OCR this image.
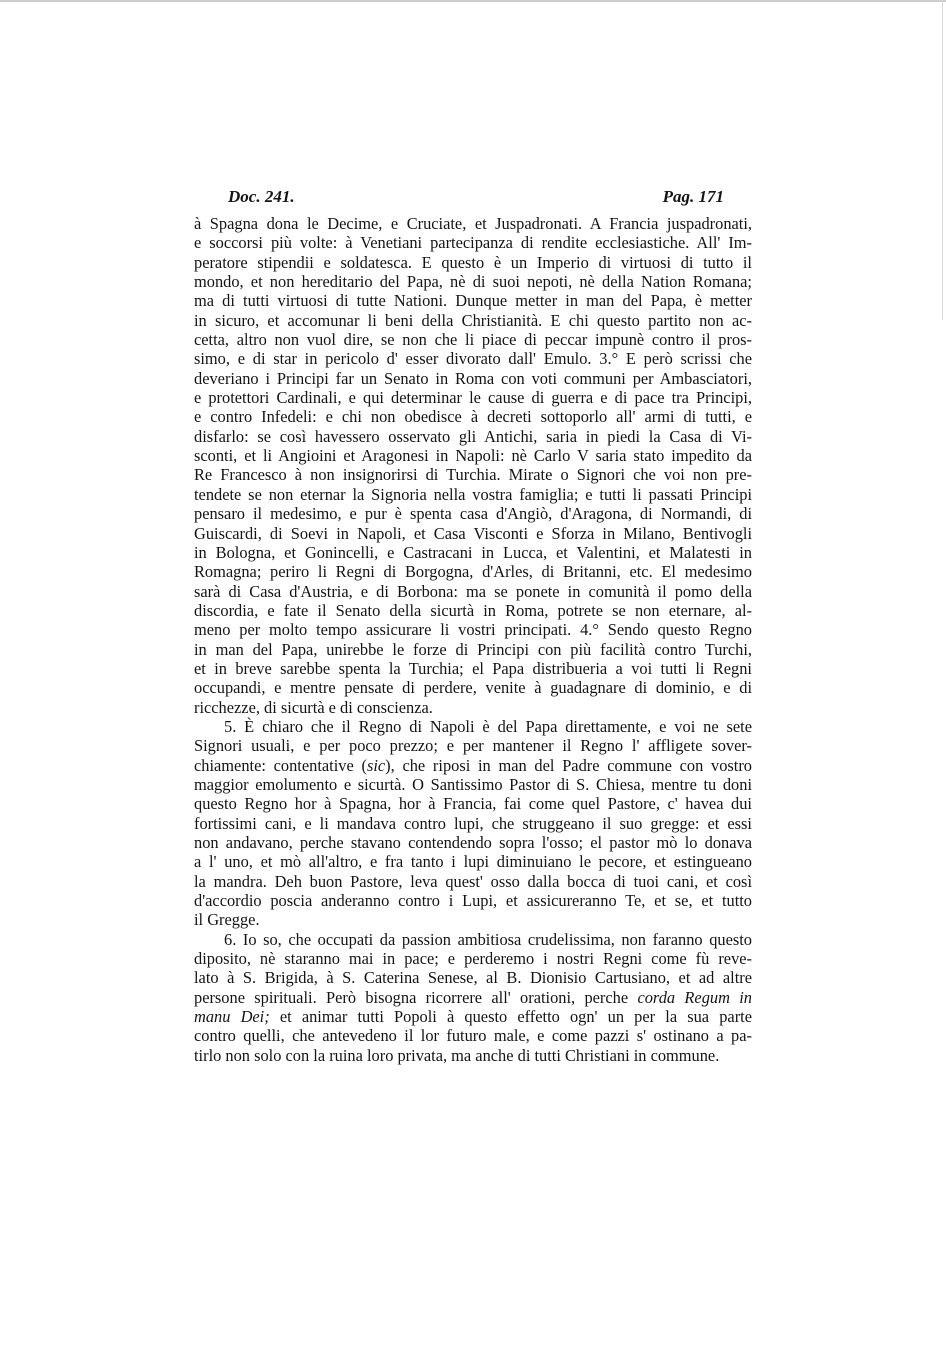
Doc. 241.	Pag. 171
à Spagna dona le Decime, e Cruciate, et Juspadronati. A Francia juspadronati,
e soccorsi più volte: à Venetiani partecipanza di rendite ecclesiastiche. All' Im-
peratore stipendii e soldatesca. E questo è un Imperio di virtuosi di tutto il
mondo, et non hereditario del Papa, nè di suoi nepoti, nè della Nation Romana;
ma di tutti virtuosi di tutte Nationi. Dunque metter in man del Papa, è metter
in sicuro, et accomunar li beni della Christianità. E chi questo partito non ac-
cetta, altro non vuol dire, se non che li piace di peccar impunè contro il pros-
simo, e di star in pericolo d' esser divorato dall' Emulo. 3.° E però scrissi che
deveriano i Principi far un Senato in Roma con voti communi per Ambasciatori,
e protettori Cardinali, e qui determinar le cause di guerra e di pace tra Principi,
e contro Infedeli: e chi non obedisce à decreti sottoporlo all' armi di tutti, e
disfarlo: se così havessero osservato gli Antichi, saria in piedi la Casa di Vi-
sconti, et li Angioini et Aragonesi in Napoli: nè Carlo V saria stato impedito da
Re Francesco à non insignorirsi di Turchia. Mirate o Signori che voi non pre-
tendete se non eternar la Signoria nella vostra famiglia; e tutti li passati Principi
pensaro il medesimo, e pur è spenta casa d'Angiò, d'Aragona, di Normandi, di
Guiscardi, di Soevi in Napoli, et Casa Visconti e Sforza in Milano, Bentivogli
in Bologna, et Gonincelli, e Castracani in Lucca, et Valentini, et Malatesti in
Romagna; periro li Regni di Borgogna, d'Arles, di Britanni, etc. El medesimo
sarà di Casa d'Austria, e di Borbona: ma se ponete in comunità il pomo della
discordia, e fate il Senato della sicurtà in Roma, potrete se non eternare, al-
meno per molto tempo assicurare li vostri principati. 4.° Sendo questo Regno
in man del Papa, unirebbe le forze di Principi con più facilità contro Turchi,
et in breve sarebbe spenta la Turchia; el Papa distribueria a voi tutti li Regni
occupandi, e mentre pensate di perdere, venite à guadagnare di dominio, e di
ricchezze, di sicurtà e di conscienza.
5. È chiaro che il Regno di Napoli è del Papa direttamente, e voi ne sete
Signori usuali, e per poco prezzo; e per mantener il Regno l' affligete sover-
chiamente: contentative (sic), che riposi in man del Padre commune con vostro
maggior emolumento e sicurtà. O Santissimo Pastor di S. Chiesa, mentre tu doni
questo Regno hor à Spagna, hor à Francia, fai come quel Pastore, c' havea dui
fortissimi cani, e li mandava contro lupi, che struggeano il suo gregge: et essi
non andavano, perche stavano contendendo sopra l'osso; el pastor mò lo donava
a l' uno, et mò all'altro, e fra tanto i lupi diminuiano le pecore, et estingueano
la mandra. Deh buon Pastore, leva quest' osso dalla bocca di tuoi cani, et così
d'accordio poscia anderanno contro i Lupi, et assicureranno Te, et se, et tutto
il Gregge.
6. Io so, che occupati da passion ambitiosa crudelissima, non faranno questo
diposito, nè staranno mai in pace; e perderemo i nostri Regni come fù reve-
lato à S. Brigida, à S. Caterina Senese, al B. Dionisio Cartusiano, et ad altre
persone spirituali. Però bisogna ricorrere all' orationi, perche corda Regum in
manu Dei; et animar tutti Popoli à questo effetto ogn' un per la sua parte
contro quelli, che antevedeno il lor futuro male, e come pazzi s' ostinano a pa-
tirlo non solo con la ruina loro privata, ma anche di tutti Christiani in commune.
